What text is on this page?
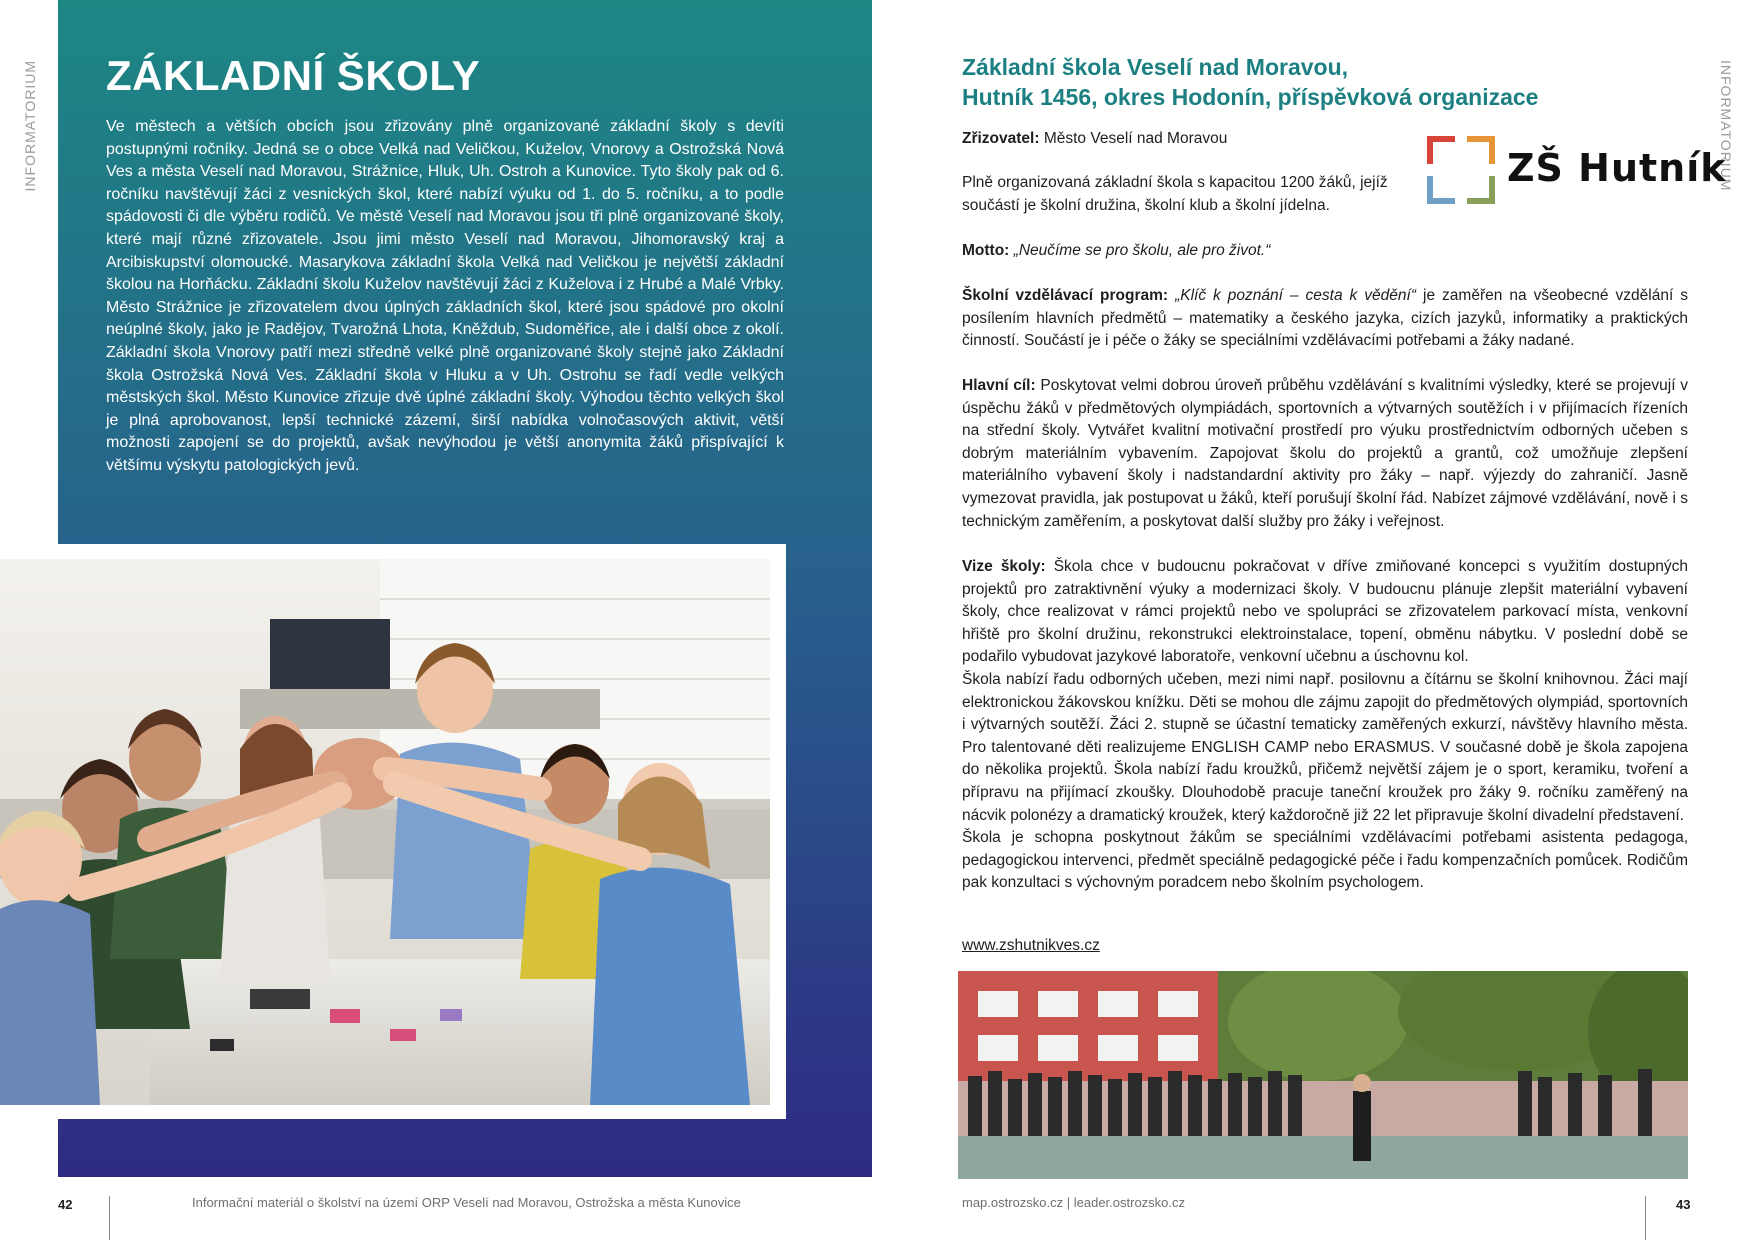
INFORMATORIUM	INFORMATORIUM
ZÁKLADNÍ ŠKOLY

Ve městech a větších obcích jsou zřizovány plně organizované základní školy s devíti postupnými ročníky. Jedná se o obce Velká nad Veličkou, Kuželov, Vnorovy a Ostrožská Nová Ves a města Veselí nad Moravou, Strážnice, Hluk, Uh. Ostroh a Kunovice. Tyto školy pak od 6. ročníku navštěvují žáci z vesnických škol, které nabízí výuku od 1. do 5. ročníku, a to podle spádovosti či dle výběru rodičů. Ve městě Veselí nad Moravou jsou tři plně organizované školy, které mají různé zřizovatele. Jsou jimi město Veselí nad Moravou, Jihomoravský kraj a Arcibiskupství olomoucké. Masarykova základní škola Velká nad Veličkou je největší základní školou na Horňácku. Základní školu Kuželov navštěvují žáci z Kuželova i z Hrubé a Malé Vrbky. Město Strážnice je zřizovatelem dvou úplných základních škol, které jsou spádové pro okolní neúplné školy, jako je Radějov, Tvarožná Lhota, Kněždub, Sudoměřice, ale i další obce z okolí. Základní škola Vnorovy patří mezi středně velké plně organizované školy stejně jako Základní škola Ostrožská Nová Ves. Základní škola v Hluku a v Uh. Ostrohu se řadí vedle velkých městských škol. Město Kunovice zřizuje dvě úplné základní školy. Výhodou těchto velkých škol je plná aprobovanost, lepší technické zázemí, širší nabídka volnočasových aktivit, větší možnosti zapojení se do projektů, avšak nevýhodou je větší anonymita žáků přispívající k většímu výskytu patologických jevů.

42	Informační materiál o školství na území ORP Veselí nad Moravou, Ostrožska a města Kunovice
Základní škola Veselí nad Moravou,
Hutník 1456, okres Hodonín, příspěvková organizace

Zřizovatel: Město Veselí nad Moravou

ZŠ Hutník

Plně organizovaná základní škola s kapacitou 1200 žáků, jejíž součástí je školní družina, školní klub a školní jídelna.

Motto: „Neučíme se pro školu, ale pro život.“

Školní vzdělávací program: „Klíč k poznání – cesta k vědění“ je zaměřen na všeobecné vzdělání s posílením hlavních předmětů – matematiky a českého jazyka, cizích jazyků, informatiky a praktických činností. Součástí je i péče o žáky se speciálními vzdělávacími potřebami a žáky nadané.

Hlavní cíl: Poskytovat velmi dobrou úroveň průběhu vzdělávání s kvalitními výsledky, které se projevují v úspěchu žáků v předmětových olympiádách, sportovních a výtvarných soutěžích i v přijímacích řízeních na střední školy. Vytvářet kvalitní motivační prostředí pro výuku prostřednictvím odborných učeben s dobrým materiálním vybavením. Zapojovat školu do projektů a grantů, což umožňuje zlepšení materiálního vybavení školy i nadstandardní aktivity pro žáky – např. výjezdy do zahraničí. Jasně vymezovat pravidla, jak postupovat u žáků, kteří porušují školní řád. Nabízet zájmové vzdělávání, nově i s technickým zaměřením, a poskytovat další služby pro žáky i veřejnost.

Vize školy: Škola chce v budoucnu pokračovat v dříve zmiňované koncepci s využitím dostupných projektů pro zatraktivnění výuky a modernizaci školy. V budoucnu plánuje zlepšit materiální vybavení školy, chce realizovat v rámci projektů nebo ve spolupráci se zřizovatelem parkovací místa, venkovní hřiště pro školní družinu, rekonstrukci elektroinstalace, topení, obměnu nábytku. V poslední době se podařilo vybudovat jazykové laboratoře, venkovní učebnu a úschovnu kol.
Škola nabízí řadu odborných učeben, mezi nimi např. posilovnu a čítárnu se školní knihovnou. Žáci mají elektronickou žákovskou knížku. Děti se mohou dle zájmu zapojit do předmětových olympiád, sportovních i výtvarných soutěží. Žáci 2. stupně se účastní tematicky zaměřených exkurzí, návštěvy hlavního města. Pro talentované děti realizujeme ENGLISH CAMP nebo ERASMUS. V současné době je škola zapojena do několika projektů. Škola nabízí řadu kroužků, přičemž největší zájem je o sport, keramiku, tvoření a přípravu na přijímací zkoušky. Dlouhodobě pracuje taneční kroužek pro žáky 9. ročníku zaměřený na nácvik polonézy a dramatický kroužek, který každoročně již 22 let připravuje školní divadelní představení.
Škola je schopna poskytnout žákům se speciálními vzdělávacími potřebami asistenta pedagoga, pedagogickou intervenci, předmět speciálně pedagogické péče i řadu kompenzačních pomůcek. Rodičům pak konzultaci s výchovným poradcem nebo školním psychologem.

www.zshutnikves.cz
map.ostrozsko.cz | leader.ostrozsko.cz	43
